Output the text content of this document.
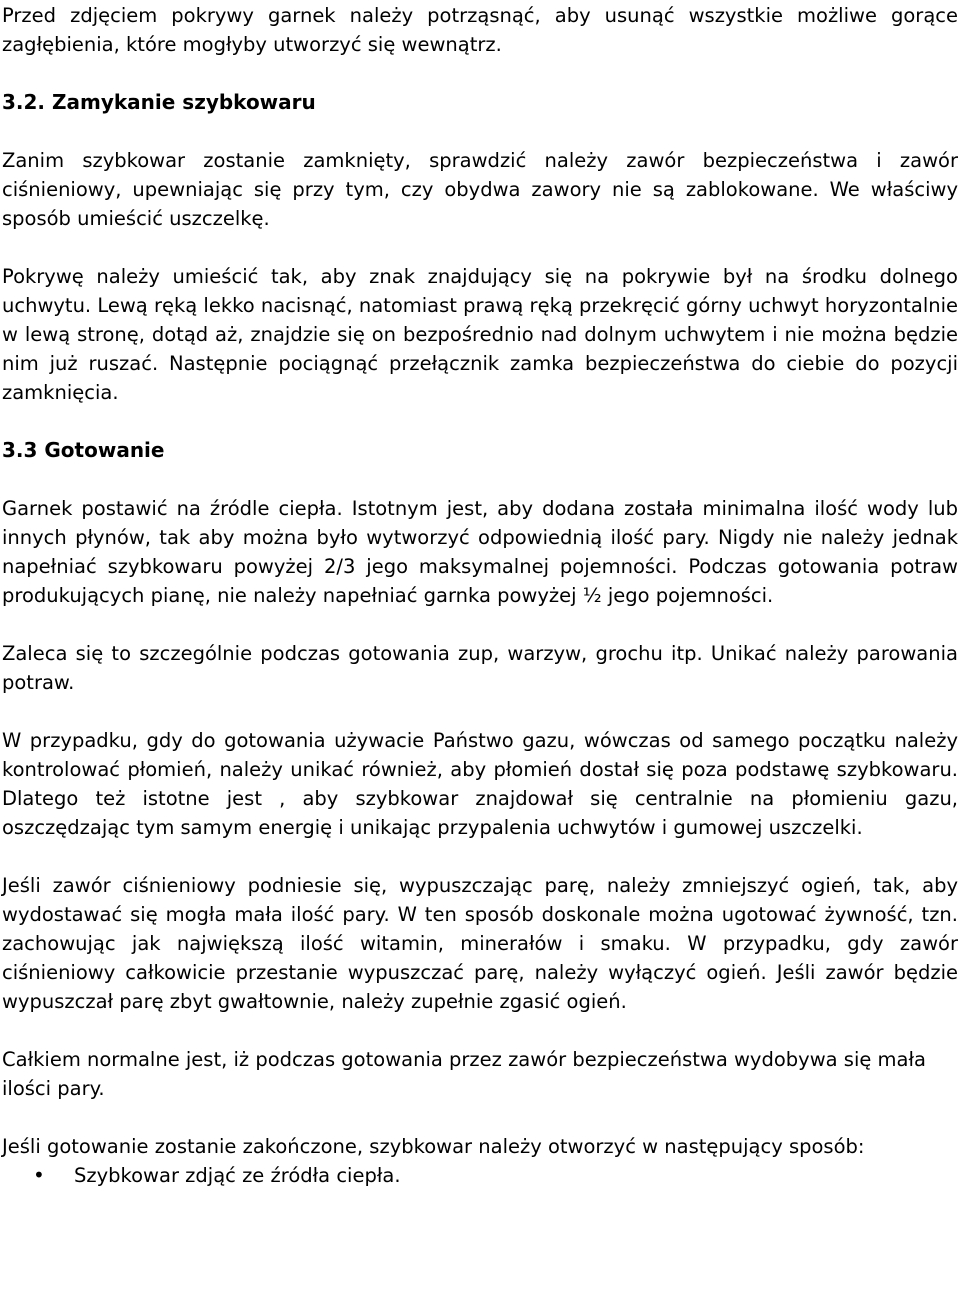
Przed zdjęciem pokrywy garnek należy potrząsnąć, aby usunąć wszystkie możliwe gorące zagłębienia, które mogłyby utworzyć się wewnątrz.

3.2. Zamykanie szybkowaru

Zanim szybkowar zostanie zamknięty, sprawdzić należy zawór bezpieczeństwa i zawór ciśnieniowy, upewniając się przy tym, czy obydwa zawory nie są zablokowane. We właściwy sposób umieścić uszczelkę.

Pokrywę należy umieścić tak, aby znak znajdujący się na pokrywie był na środku dolnego uchwytu. Lewą ręką lekko nacisnąć, natomiast prawą ręką przekręcić górny uchwyt horyzontalnie w lewą stronę, dotąd aż, znajdzie się on bezpośrednio nad dolnym uchwytem i nie można będzie nim już ruszać. Następnie pociągnąć przełącznik zamka bezpieczeństwa do ciebie do pozycji zamknięcia.

3.3 Gotowanie

Garnek postawić na źródle ciepła. Istotnym jest, aby dodana została minimalna ilość wody lub innych płynów, tak aby można było wytworzyć odpowiednią ilość pary. Nigdy nie należy jednak napełniać szybkowaru powyżej 2/3 jego maksymalnej pojemności. Podczas gotowania potraw produkujących pianę, nie należy napełniać garnka powyżej ½ jego pojemności.

Zaleca się to szczególnie podczas gotowania zup, warzyw, grochu itp. Unikać należy parowania potraw.

W przypadku, gdy do gotowania używacie Państwo gazu, wówczas od samego początku należy kontrolować płomień, należy unikać również, aby płomień dostał się poza podstawę szybkowaru. Dlatego też istotne jest , aby szybkowar znajdował się centralnie na płomieniu gazu, oszczędzając tym samym energię i unikając przypalenia uchwytów i gumowej uszczelki.

Jeśli zawór ciśnieniowy podniesie się, wypuszczając parę, należy zmniejszyć ogień, tak, aby wydostawać się mogła mała ilość pary. W ten sposób doskonale można ugotować żywność, tzn. zachowując jak największą ilość witamin, minerałów i smaku. W przypadku, gdy zawór ciśnieniowy całkowicie przestanie wypuszczać parę, należy wyłączyć ogień. Jeśli zawór będzie wypuszczał parę zbyt gwałtownie, należy zupełnie zgasić ogień.

Całkiem normalne jest, iż podczas gotowania przez zawór bezpieczeństwa wydobywa się mała ilości pary.

Jeśli gotowanie zostanie zakończone, szybkowar należy otworzyć w następujący sposób:

• Szybkowar zdjąć ze źródła ciepła.
